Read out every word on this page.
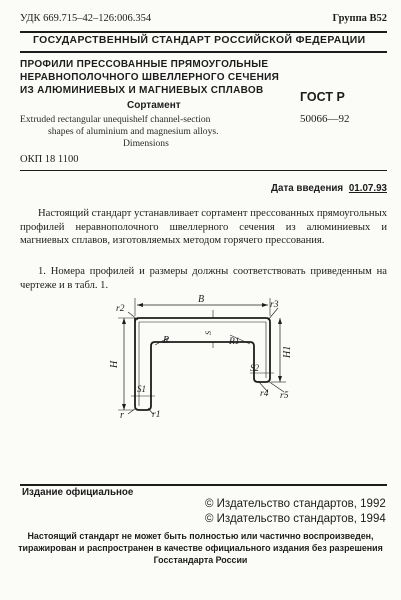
УДК 669.715–42–126:006.354	Группа В52
ГОСУДАРСТВЕННЫЙ СТАНДАРТ РОССИЙСКОЙ ФЕДЕРАЦИИ
ПРОФИЛИ ПРЕССОВАННЫЕ ПРЯМОУГОЛЬНЫЕ
НЕРАВНОПОЛОЧНОГО ШВЕЛЛЕРНОГО СЕЧЕНИЯ
ИЗ АЛЮМИНИЕВЫХ И МАГНИЕВЫХ СПЛАВОВ
Сортамент
Extruded rectangular unequishelf channel-section
shapes of aluminium and magnesium alloys.
Dimensions
ГОСТ Р
50066—92
ОКП 18 1100
Дата введения 01.07.93

Настоящий стандарт устанавливает сортамент прессованных прямоугольных профилей неравнополочного швеллерного сечения из алюминиевых и магниевых сплавов, изготовляемых методом горячего прессования.

1. Номера профилей и размеры должны соответствовать приведенным на чертеже и в табл. 1.

B
H
H1
R	R1
S
S1
S2
r	r1
r2	r3
r4 r5
Издание официальное
© Издательство стандартов, 1992
© Издательство стандартов, 1994
Настоящий стандарт не может быть полностью или частично воспроизведен,
тиражирован и распространен в качестве официального издания без разрешения
Госстандарта России
